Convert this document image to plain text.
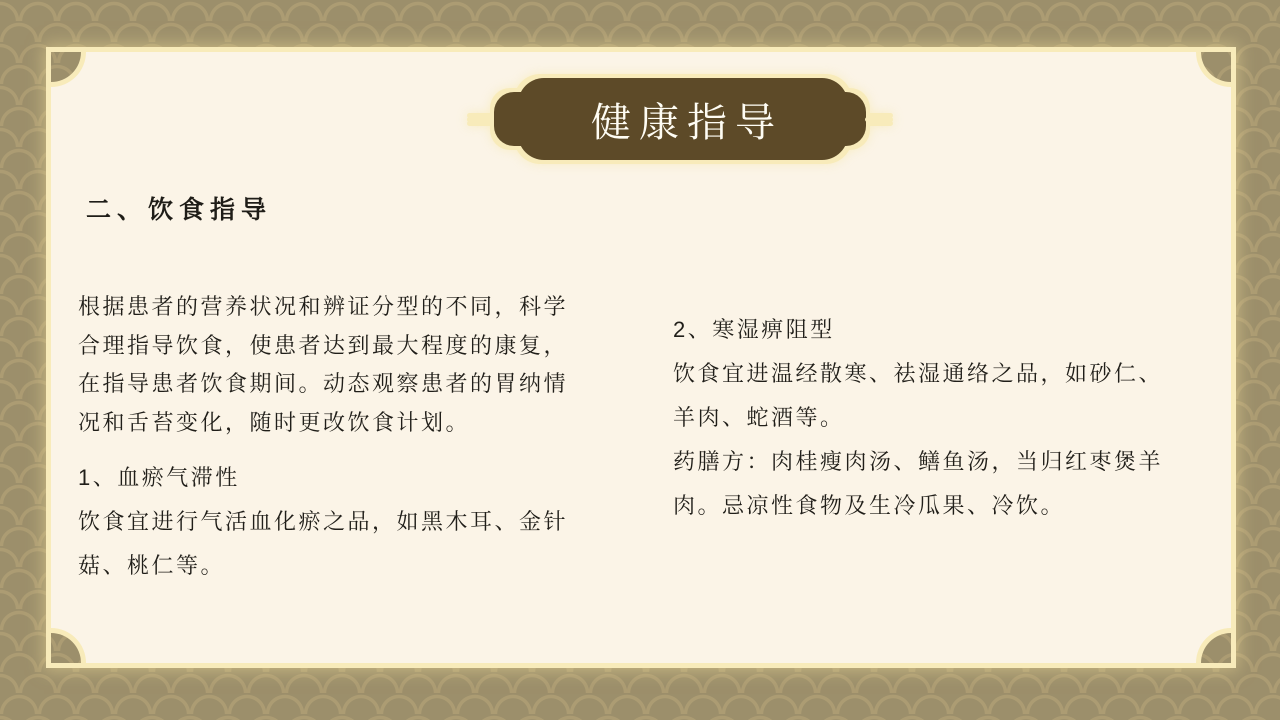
健康指导
二、饮食指导
根据患者的营养状况和辨证分型的不同，科学
合理指导饮食，使患者达到最大程度的康复，
在指导患者饮食期间。动态观察患者的胃纳情
况和舌苔变化，随时更改饮食计划。
1、血瘀气滞性
饮食宜进行气活血化瘀之品，如黑木耳、金针
菇、桃仁等。
2、寒湿痹阻型
饮食宜进温经散寒、祛湿通络之品，如砂仁、
羊肉、蛇酒等。
药膳方：肉桂瘦肉汤、鳝鱼汤，当归红枣煲羊
肉。忌凉性食物及生冷瓜果、冷饮。
